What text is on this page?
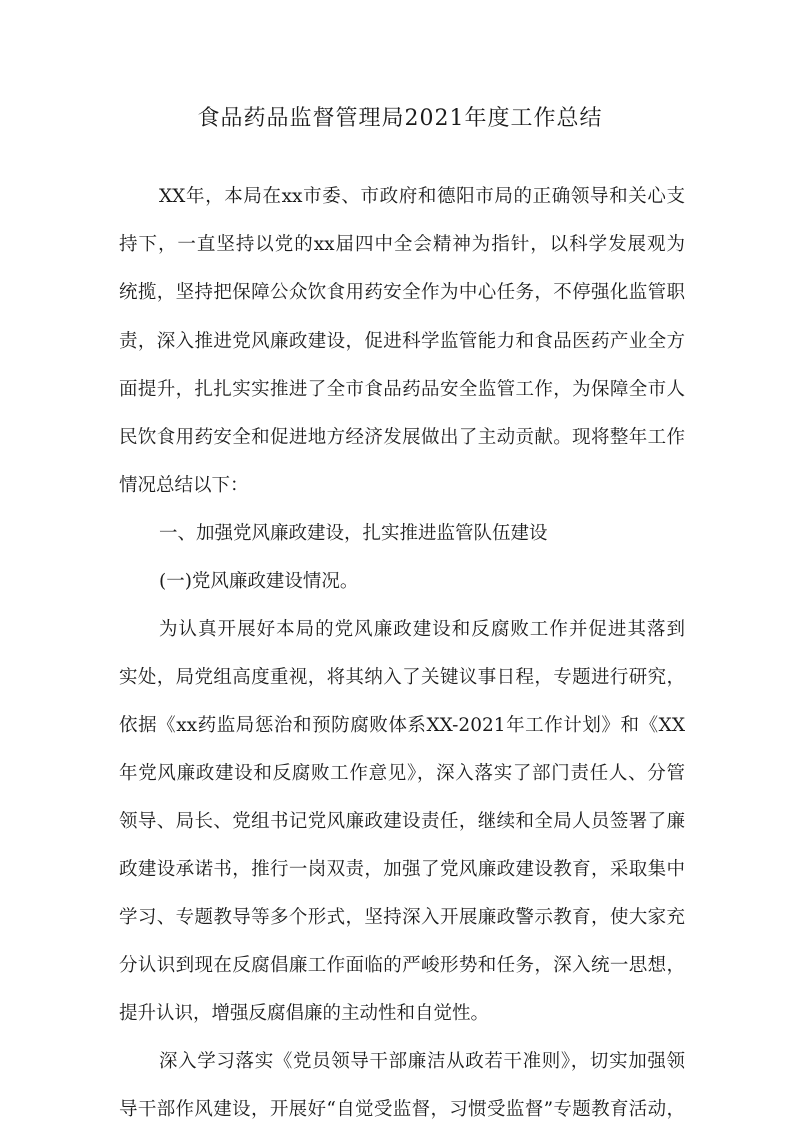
食品药品监督管理局2021年度工作总结
XX年，本局在xx市委、市政府和德阳市局的正确领导和关心支
持下，一直坚持以党的xx届四中全会精神为指针，以科学发展观为
统揽，坚持把保障公众饮食用药安全作为中心任务，不停强化监管职
责，深入推进党风廉政建设，促进科学监管能力和食品医药产业全方
面提升，扎扎实实推进了全市食品药品安全监管工作，为保障全市人
民饮食用药安全和促进地方经济发展做出了主动贡献。现将整年工作
情况总结以下：
一、加强党风廉政建设，扎实推进监管队伍建设
(一)党风廉政建设情况。
为认真开展好本局的党风廉政建设和反腐败工作并促进其落到
实处，局党组高度重视，将其纳入了关键议事日程，专题进行研究，
依据《xx药监局惩治和预防腐败体系XX-2021年工作计划》和《XX
年党风廉政建设和反腐败工作意见》，深入落实了部门责任人、分管
领导、局长、党组书记党风廉政建设责任，继续和全局人员签署了廉
政建设承诺书，推行一岗双责，加强了党风廉政建设教育，采取集中
学习、专题教导等多个形式，坚持深入开展廉政警示教育，使大家充
分认识到现在反腐倡廉工作面临的严峻形势和任务，深入统一思想，
提升认识，增强反腐倡廉的主动性和自觉性。
深入学习落实《党员领导干部廉洁从政若干准则》，切实加强领
导干部作风建设，开展好“自觉受监督，习惯受监督”专题教育活动，
